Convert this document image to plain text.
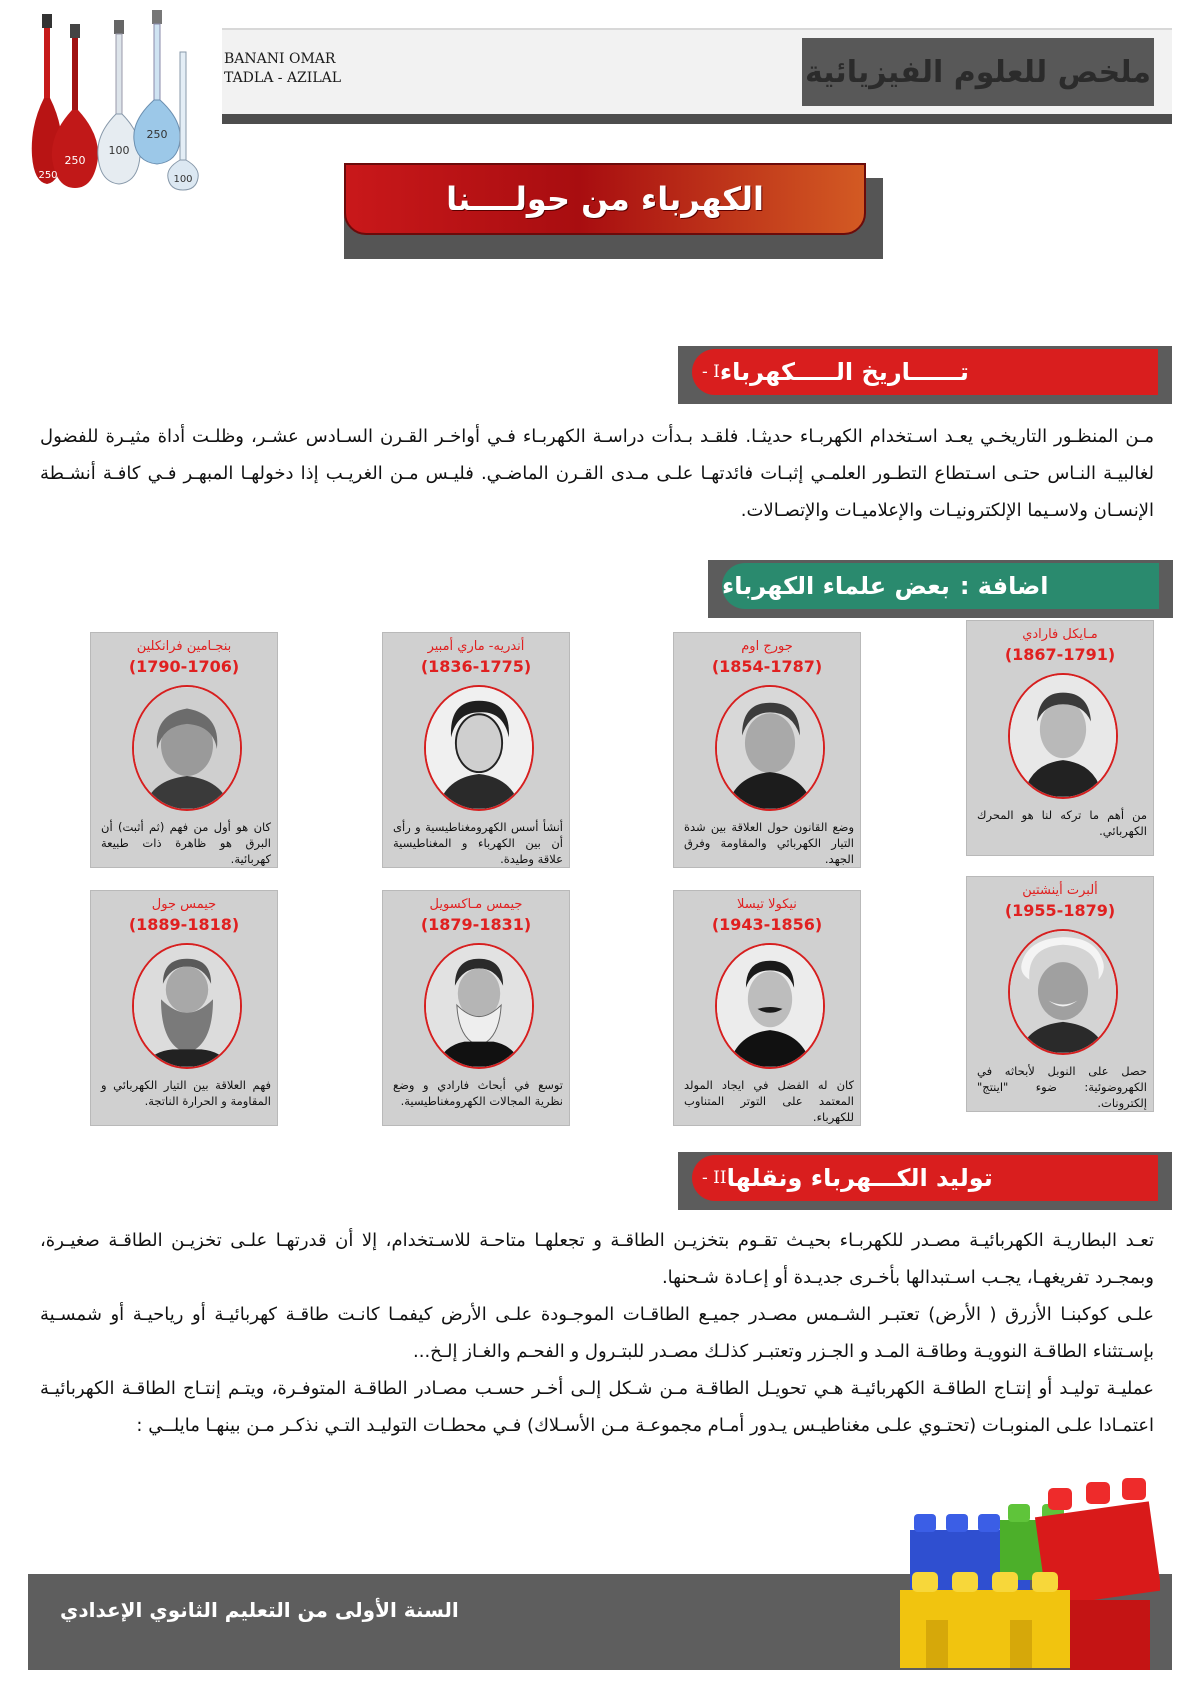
250
100
250
100
250
ملخص للعلوم الفيزيائية
BANANI OMAR
TADLA - AZILAL
الكهرباء من حولــــنا
تــــــاريخ الـــــكهرباء
I -

مـن المنظـور التاريخـي يعـد اسـتخدام الكهربـاء حديثـا. فلقـد بـدأت دراسـة الكهربـاء فـي أواخـر القـرن السـادس عشـر، وظلـت أداة مثيـرة للفضول لغالبيـة النـاس حتـى اسـتطاع التطـور العلمـي إثبـات فائدتهـا علـى مـدى القـرن الماضـي. فليـس مـن الغريـب إذا دخولهـا المبهـر فـي كافـة أنشـطة الإنسـان ولاسـيما الإلكترونيـات والإعلاميـات والإتصـالات.

اضافة :
بعض علماء الكهرباء
مـايكل فارادي
(1867-1791)
من أهم ما تركه لنا هو المحرك الكهربائي.
جورج اوم
(1854-1787)
وضع القانون حول العلاقة بين شدة التيار الكهربائي والمقاومة وفرق الجهد.
أندريه- ماري أمبير
(1836-1775)
أنشأ أسس الكهرومغناطيسية و رأى أن بين الكهرباء و المغناطيسية علاقة وطيدة.
بنجـامين فرانكلين
(1790-1706)
كان هو أول من فهم (ثم أثبت) أن البرق هو ظاهرة ذات طبيعة كهربائية.
ألبرت أينشتين
(1955-1879)
حصل على النوبل لأبحاثه في الكهروضوئية: ضوء "اينتج" إلكترونات.
نيكولا تيسلا
(1943-1856)
كان له الفضل في ايجاد المولد المعتمد على التوتر المتناوب للكهرباء.
جيمس مـاكسويل
(1879-1831)
توسع في أبحاث فارادي و وضع نظرية المجالات الكهرومغناطيسية.
جيمس جول
(1889-1818)
فهم العلاقة بين التيار الكهربائي و المقاومة و الحرارة الناتجة.
توليد الكـــهرباء ونقلها
II -

تعـد البطاريـة الكهربائيـة مصـدر للكهربـاء بحيـث تقـوم بتخزيـن الطاقـة و تجعلهـا متاحـة للاسـتخدام، إلا أن قدرتهـا علـى تخزيـن الطاقـة صغيـرة، وبمجـرد تفريغهـا، يجـب اسـتبدالها بأخـرى جديـدة أو إعـادة شـحنها.

علـى كوكبنـا الأزرق ( الأرض) تعتبـر الشـمس مصـدر جميـع الطاقـات الموجـودة علـى الأرض كيفمـا كانـت طاقـة كهربائيـة أو رياحيـة أو شمسـية بإسـتثناء الطاقـة النوويـة وطاقـة المـد و الجـزر وتعتبـر كذلـك مصـدر للبتـرول و الفحـم والغـاز إلـخ...

عمليـة توليـد أو إنتـاج الطاقـة الكهربائيـة هـي تحويـل الطاقـة مـن شـكل إلـى أخـر حسـب مصـادر الطاقـة المتوفـرة، ويتـم إنتـاج الطاقـة الكهربائيـة اعتمـادا علـى المنوبـات (تحتـوي علـى مغناطيـس يـدور أمـام مجموعـة مـن الأسـلاك) فـي محطـات التوليـد التـي نذكـر مـن بينهـا مايلــي :

السنة الأولى من التعليم الثانوي الإعدادي
